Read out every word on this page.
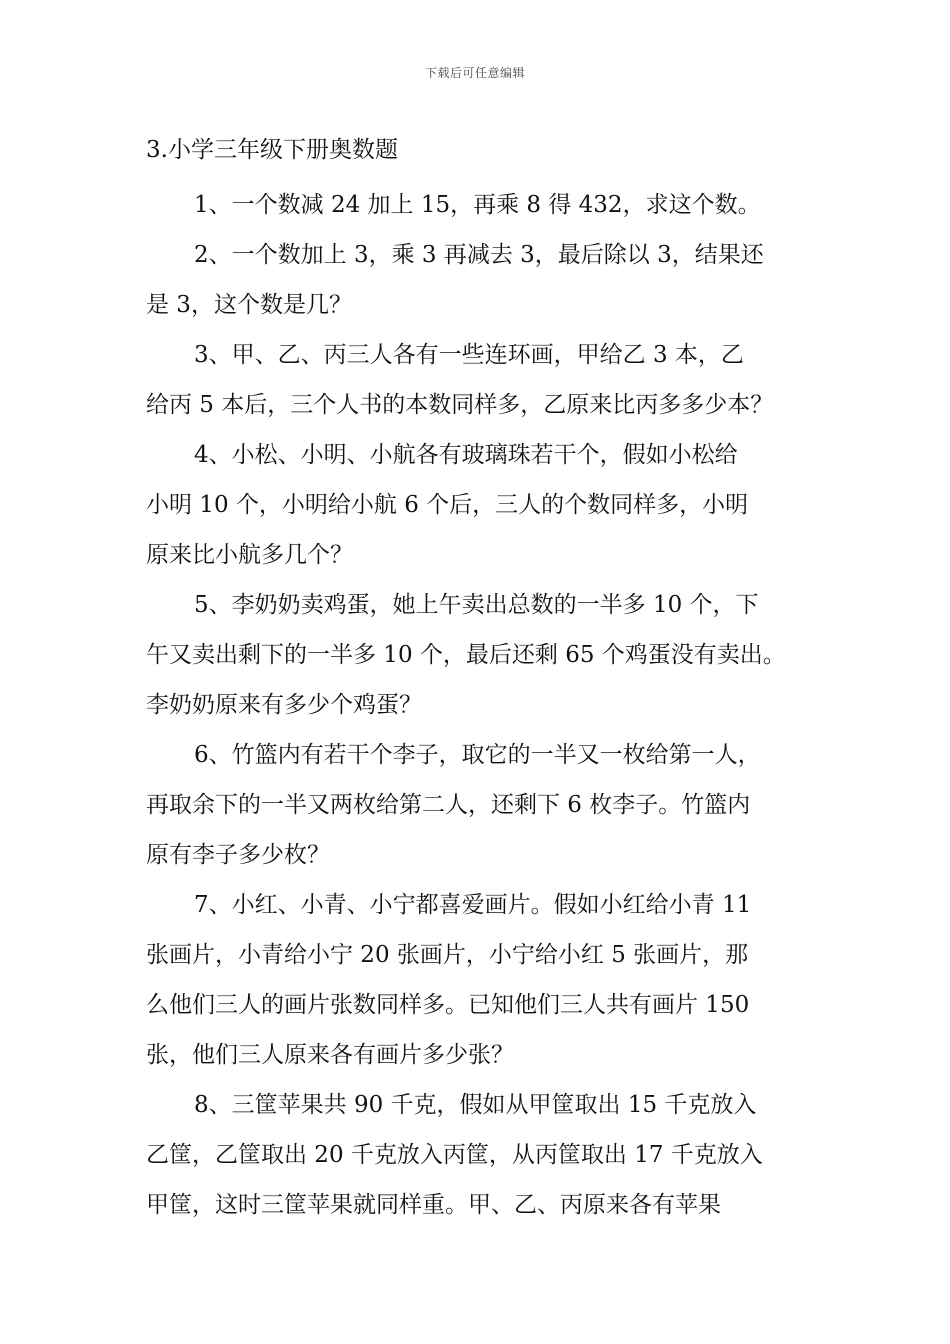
下载后可任意编辑
3.小学三年级下册奥数题
1、一个数减 24 加上 15，再乘 8 得 432，求这个数。
2、一个数加上 3，乘 3 再减去 3，最后除以 3，结果还
是 3，这个数是几？
3、甲、乙、丙三人各有一些连环画，甲给乙 3 本，乙
给丙 5 本后，三个人书的本数同样多，乙原来比丙多多少本？
4、小松、小明、小航各有玻璃珠若干个，假如小松给
小明 10 个，小明给小航 6 个后，三人的个数同样多，小明
原来比小航多几个？
5、李奶奶卖鸡蛋，她上午卖出总数的一半多 10 个，下
午又卖出剩下的一半多 10 个，最后还剩 65 个鸡蛋没有卖出。
李奶奶原来有多少个鸡蛋？
6、竹篮内有若干个李子，取它的一半又一枚给第一人，
再取余下的一半又两枚给第二人，还剩下 6 枚李子。竹篮内
原有李子多少枚？
7、小红、小青、小宁都喜爱画片。假如小红给小青 11
张画片，小青给小宁 20 张画片，小宁给小红 5 张画片，那
么他们三人的画片张数同样多。已知他们三人共有画片 150
张，他们三人原来各有画片多少张？
8、三筐苹果共 90 千克，假如从甲筐取出 15 千克放入
乙筐，乙筐取出 20 千克放入丙筐，从丙筐取出 17 千克放入
甲筐，这时三筐苹果就同样重。甲、乙、丙原来各有苹果
